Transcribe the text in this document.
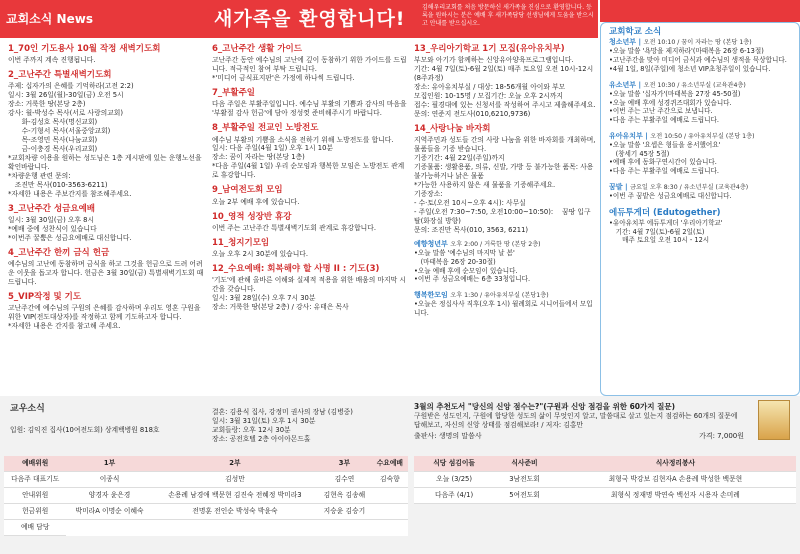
교회소식 News	새가족을 환영합니다!
김해우리교회를 처음 방문하신 새가족을 진심으로 환영합니다. 등록을 원하시는 분은 예배 후 새가족담당 선생님에게 도움을 받으시고 안내를 받으십시오.
1_70인 기도용사 10월 작정 새벽기도회
이번 주까지 계속 진행됩니다.
2_고난주간 특별새벽기도회
주제: 십자가의 은혜를 기억하라(고전 2:2)
일시: 3월 26일(월)-30일(금) 오전 5시
장소: 거룩한 땅(본당 2층)
강사: 월-박성수 목사(서로 사랑의교회)
　　화-김성호 목사(명신교회)
　　수-기형서 목사(서울중앙교회)
　　목-조영민 목사(나눔교회)
　　금-이충경 목사(우리교회)
*교회차량 이용을 원하는 성도님은 1층 게시판에 있는 운행노선을 확인바랍니다.
*차량운행 관련 문의:
　조진만 목사(010-3563-6211)
*자세한 내용은 주보간지를 참조해주세요.
3_고난주간 성금요예배
일시: 3월 30일(금) 오후 8시
*예배 중에 성찬식이 있습니다
*이번주 꿀뿜은 성금요예배로 대신합니다.
4_고난주간 한끼 금식 헌금
예수님의 고난에 동참하며 금식을 하고 그것을 헌금으로 드려 어려운 이웃을 돕고자 합니다. 헌금은 3월 30일(금) 특별새벽기도회 때 드립니다.
5_VIP작정 및 기도
고난주간에 예수님의 구원의 은혜를 감사하며 우리도 영혼 구원을 위한 VIP(전도대상자)를 작정하고 함께 기도하고자 합니다.
*자세한 내용은 간지를 참고해 주세요.
6_고난주간 생활 가이드
고난주간 동안 예수님의 고난에 깊이 동참하기 위한 가이드를 드립니다. 적극적인 참여 부탁 드립니다.
*'미디어 금식표지판'은 가정에 하나씩 드립니다.
7_부활주일
다음 주일은 부활주일입니다. 예수님 부활의 기쁨과 감사의 마음을 '부활절 감사 헌금'에 담아 정성껏 준비해주시기 바랍니다.
8_부활주일 전교인 노방전도
예수님 부활의 기쁨을 소식을 전하기 위해 노방전도를 합니다.
일시: 다음 주일(4월 1일) 오후 1시 10분
장소: 꿈이 자라는 땅(본당 1층)
*다음 주일(4월 1일) 우리 순모임과 행복한 모임은 노방전도 관계로 휴강합니다.
9_남여전도회 모임
오늘 2부 예배 후에 있습니다.
10_영적 성장반 휴강
이번 주는 고난주간 특별새벽기도회 관계로 휴강합니다.
11_청지기모임
오늘 오후 2시 30분에 있습니다.
12_수요예배: 회복해야 할 사명 II : 기도(3)
'기도'에 관해 올바른 이해와 실제적 적용을 위한 배움의 마지막 시간을 갖습니다.
일시: 3월 28일(수) 오후 7시 30분
장소: 거룩한 땅(본당 2층) / 강사: 유태은 목사
13_우리아기학교 1기 모집(유아유치부)
부모와 아기가 함께하는 신앙유아양육프로그램입니다.
기간: 4월 7일(토)-6월 2일(토) 매주 토요일 오전 10시-12시(8주과정)
장소: 유아유치부실 / 대상: 18-56개월 아이와 부모
모집인원: 10-15명 / 모집기간: 오늘 오후 2시까지
접수: 필경대에 있는 신청서를 작성하여 주시고 제출해주세요.
문의: 연준지 전도사(010,6210,9736)
14_사랑나눔 바자회
지역주민과 성도들 간의 사랑 나눔을 위한 바자회를 개최하며, 물품들을 기증 받습니다.
기증기간: 4월 22일(주일)까지
기증물품: 생활용품, 의류, 신발, 가방 등 불가능한 품목: 사용 불가능하거나 낡은 물품
*가능한 사용하지 않은 새 물품을 기증해주세요.
기증장소:
- 수·토(오전 10시~오후 4시): 사무실
- 주일(오전 7:30~7:50, 오전10:00~10:50): 　꿈땅 입구 탈(화장실 방향)
문의: 조진만 목사(010, 3563, 6211)
예향청년부 오후 2:00 / 거룩한 땅 (본당 2층)
•오늘 말씀 '예수님의 마지막 날 봄'
　(마태복음 26장 20-30절)
•오늘 예배 후에 순모임이 있습니다.
•이번 주 성금요예배는 6층 33청입니다.
행복한모임 오후 1:30 / 유아유치부실 (본당1층)
•오늘은 정십사사 직후(오후 1시) 월례회로 시니어들에서 모입니다.
교회학교 소식
청소년부 | 오전 10:10 / 꿈이 자라는 땅 (본당 1층)
•오늘 말씀 '욕망을 제지하라'(마태복음 26장 6-13절)
•고난주간을 맞아 미디어 금식과 예수님의 생적을 묵상합니다.
•4월 1일, 8일(주일)에 청소년 VIP초청주일이 있습니다.
유소년부 | 오전 10:30 / 유소년부실 (교육관4층)
•오늘 말씀 '십자가'(마태복음 27장 45-50절)
•오늘 예배 후에 성경퀴즈대회가 있습니다.
•이번 주는 고난 주간으로 보냅니다.
•다음 주는 부활주일 예배로 드립니다.
유아유치부 | 오전 10:50 / 유아유치부실 (본당 1층)
•오늘 말씀 '요셉은 형들을 용서했어요'
　(창세기 45장 5절)
•예배 후에 동화구연시간이 있습니다.
•다음 주는 부활주일 예배로 드립니다.
꿈밭 | 금요일 오후 8:30 / 유소년부실 (교육관4층)
•이번 주 꿈밭은 성금요예배로 대신합니다.
에듀투게더 (Edutogether)
•유아유치부 에듀투게더 '우리아기학교'
　기간: 4월 7일(토)-6월 2일(토)
　　매주 토요일 오전 10시 - 12시
교우소식
입원: 김익진 집사(10여전도회) 상계백병원 818호
결혼: 김용식 집사, 강정미 권사의 장남 (김병중)
일시: 3월 31일(토) 오후 1시 30분
교회들랑: 오후 12시 30분
장소: 공전호텔 2층 아이아몬드홀
3월의 추천도서 "당신의 신앙 점수는?"(구원과 신앙 점검을 위한 60가지 질문)
구원받은 성도인지, 구원에 합당한 성도의 삶이 무엇인지 알고, 말씀대로 살고 있는지 점검하는 60개의 질문에 답해보고, 자신의 신앙 상태를 점검해보라! / 저자: 김홍만
출판사: 생명의 말씀사	가격: 7,000원
예배위원	1부	2부	3부	수요예배
다음주 대표기도	이종식	김성만	김수연	김숙향
안내위원	양경자 윤은경	손용례 남경애 백문현 김진숙 전혜정 박미라3	김현옥 김송해	
헌금위원	박미라A 이명순 이혜숙	전명훈 전인순 박성숙 박윤숙	지승윤 김승기	
예배 담당				
식당 섬김이들	식사준비	식사정리봉사
오늘 (3/25)	3남전도회	최형국 박강보 김현자A 손용례 박성한 백문현
다음주 (4/1)	5여전도회	최형식 정재명 박연숙 백선자 시용자 손미례
